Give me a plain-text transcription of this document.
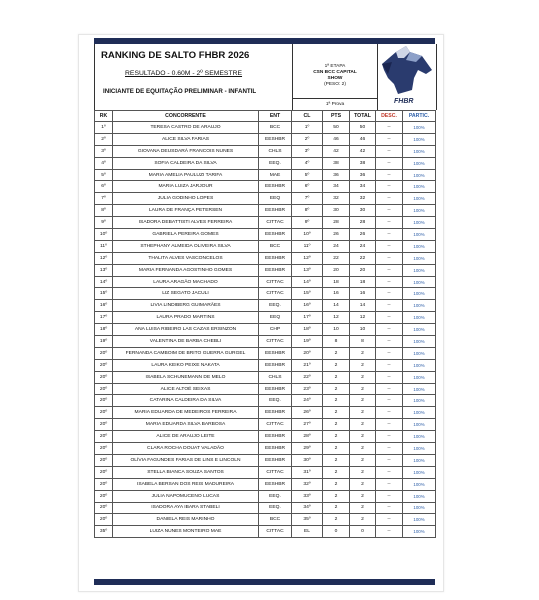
RANKING DE SALTO FHBR 2026
RESULTADO - 0.60M - 2º SEMESTRE
INICIANTE DE EQUITAÇÃO PRELIMINAR - INFANTIL
1ª ETAPA
CSN BCC CAPITAL
SHOW
(PESO: 2)
1ª Prova	FHBR
RK	CONCORRENTE	ENT	CL	PTS	TOTAL	DESC.	PARTIC.
1º	TERESA CASTRO DE ARAUJO	BCC	1º	50	50	--	100%
2º	ALICE SILVA FARIAS	EESHBR	2º	46	46	--	100%
3º	GIOVANA DEUSDARÁ FRANCOIS NUNES	CHLS	3º	42	42	--	100%
4º	SOFIA CALDEIRA DA SILVA	EEQ.	4º	38	38	--	100%
5º	MARIA AMELIA PAULUZI TARIFA	MAE	5º	36	36	--	100%
6º	MARIA LUIZA JARJOUR	EESHBR	6º	34	34	--	100%
7º	JULIA GODINHO LOPES	EEQ	7º	32	32	--	100%
8º	LAURA DE FRANÇA PETERSEN	EESHBR	8º	30	30	--	100%
9º	ISADORA DEBATTISTI ALVES FERREIRA	CITTAC	9º	28	28	--	100%
10º	GABRIELA PEREIRA GOMES	EESHBR	10º	26	26	--	100%
11º	STHEPHANY ALMEIDA OLIVEIRA SILVA	BCC	11º	24	24	--	100%
12º	THALITA ALVES VASCONCELOS	EESHBR	12º	22	22	--	100%
13º	MARIA FERNANDA AGOSTINHO GOMES	EESHBR	13º	20	20	--	100%
14º	LAURA ARAGÃO MACHADO	CITTAC	14º	18	18	--	100%
15º	LIZ SEGATO JACULI	CITTAC	15º	16	16	--	100%
16º	LIVIA LINDIBERG GUIMARÃES	EEQ.	16º	14	14	--	100%
17º	LAURA PRADO MARTINS	EEQ	17º	12	12	--	100%
18º	ANA LUISA RIBEIRO LAS CAZAS ERSINZON	CHP	18º	10	10	--	100%
19º	VALENTINA DE BARBA CHEBLI	CITTAC	19º	8	8	--	100%
20º	FERNANDA CAMBOIM DE BRITO GUERRA GURGEL	EESHBR	20º	2	2	--	100%
20º	LAURA KEIKO PEIXE NAKATA	EESHBR	21º	2	2	--	100%
20º	ISABELA SCHUNEMANN DE MELO	CHLS	22º	2	2	--	100%
20º	ALICE ALTOÉ SEIXAS	EESHBR	23º	2	2	--	100%
20º	CATARINA CALDEIRA DA SILVA	EEQ.	24º	2	2	--	100%
20º	MARIA EDUARDA DE MEDEIROS FERREIRA	EESHBR	26º	2	2	--	100%
20º	MARIA EDUARDA SILVA BARBOSA	CITTAC	27º	2	2	--	100%
20º	ALICE DE ARAUJO LEITE	EESHBR	28º	2	2	--	100%
20º	CLARA ROCHA DOUAT VALADÃO	EESHBR	29º	2	2	--	100%
20º	OLÍVIA FAGUNDES FARIAS DE LINS E LINCOLN	EESHBR	30º	2	2	--	100%
20º	STELLA BIANCA SOUZA SANTOS	CITTAC	31º	2	2	--	100%
20º	ISABELA BERSAN DOS REIS MADUREIRA	EESHBR	32º	2	2	--	100%
20º	JULIA NAPOMUCENO LUCAS	EEQ.	33º	2	2	--	100%
20º	ISADORA AYA IBARA STABELI	EEQ.	34º	2	2	--	100%
20º	DANIELA REIS MARINHO	BCC	35º	2	2	--	100%
35º	LUIZA NUNES MONTEIRO MAE	CITTAC	EL	0	0	--	100%
